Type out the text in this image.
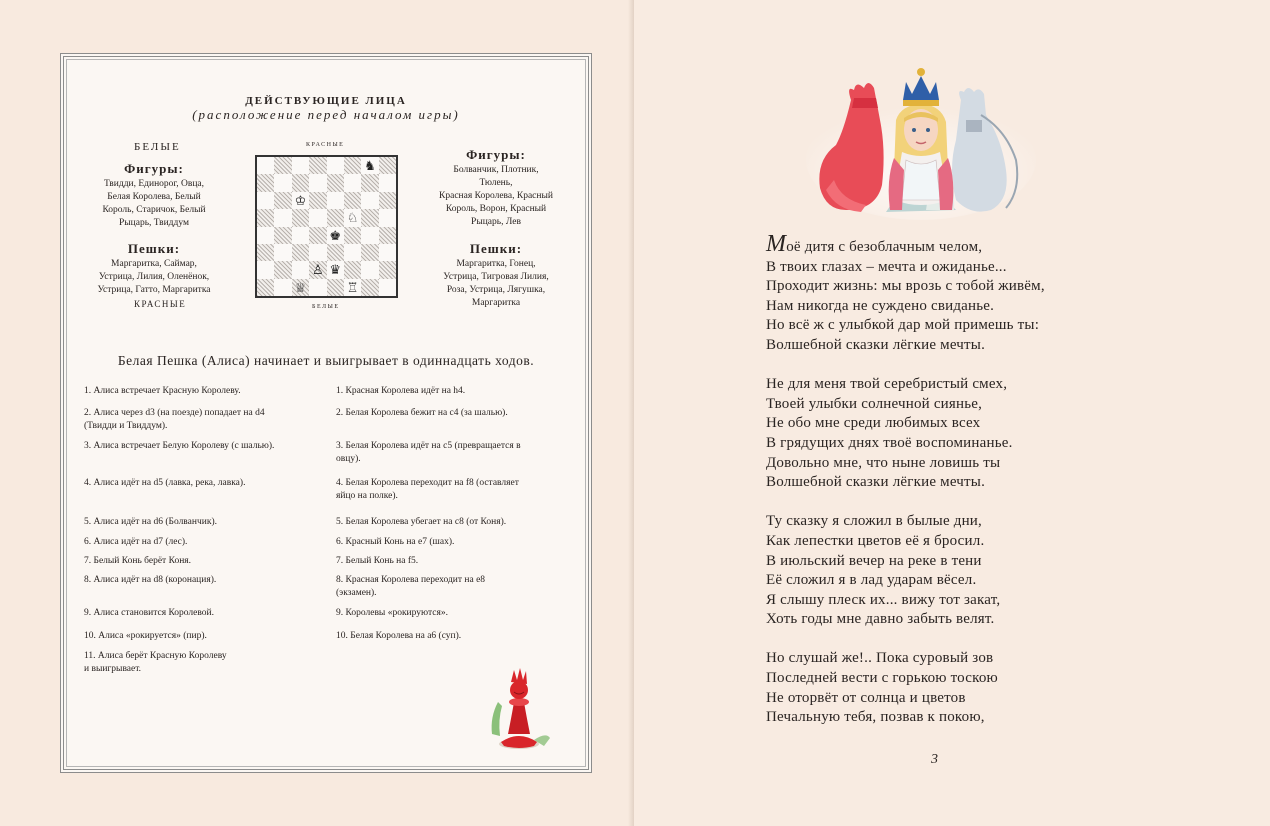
ДЕЙСТВУЮЩИЕ ЛИЦА
(расположение перед началом игры)
БЕЛЫЕ
Фигуры:
Твидди, Единорог, Овца,
Белая Королева, Белый
Король, Старичок, Белый
Рыцарь, Твиддум
Пешки:
Маргаритка, Саймар,
Устрица, Лилия, Оленёнок,
Устрица, Гатто, Маргаритка
КРАСНЫЕ
КРАСНЫЕ
♞
♔
♘
♚
♙ ♛
♕	♖
БЕЛЫЕ
Фигуры:
Болванчик, Плотник,
Тюлень,
Красная Королева, Красный
Король, Ворон, Красный
Рыцарь, Лев
Пешки:
Маргаритка, Гонец,
Устрица, Тигровая Лилия,
Роза, Устрица, Лягушка,
Маргаритка
Белая Пешка (Алиса) начинает и выигрывает в одиннадцать ходов.
1. Алиса встречает Красную Королеву.
2. Алиса через d3 (на поезде) попадает на d4
(Твидди и Твиддум).
3. Алиса встречает Белую Королеву (с шалью).
4. Алиса идёт на d5 (лавка, река, лавка).
5. Алиса идёт на d6 (Болванчик).
6. Алиса идёт на d7 (лес).
7. Белый Конь берёт Коня.
8. Алиса идёт на d8 (коронация).
9. Алиса становится Королевой.
10. Алиса «рокируется» (пир).
11. Алиса берёт Красную Королеву
и выигрывает.
1. Красная Королева идёт на h4.
2. Белая Королева бежит на c4 (за шалью).
3. Белая Королева идёт на c5 (превращается в
овцу).
4. Белая Королева переходит на f8 (оставляет
яйцо на полке).
5. Белая Королева убегает на c8 (от Коня).
6. Красный Конь на e7 (шах).
7. Белый Конь на f5.
8. Красная Королева переходит на e8
(экзамен).
9. Королевы «рокируются».
10. Белая Королева на a6 (суп).
Моё дитя с безоблачным челом,
В твоих глазах – мечта и ожиданье...
Проходит жизнь: мы врозь с тобой живём,
Нам никогда не суждено свиданье.
Но всё ж с улыбкой дар мой примешь ты:
Волшебной сказки лёгкие мечты.
Не для меня твой серебристый смех,
Твоей улыбки солнечной сиянье,
Не обо мне среди любимых всех
В грядущих днях твоё воспоминанье.
Довольно мне, что ныне ловишь ты
Волшебной сказки лёгкие мечты.
Ту сказку я сложил в былые дни,
Как лепестки цветов её я бросил.
В июльский вечер на реке в тени
Её сложил я в лад ударам вёсел.
Я слышу плеск их... вижу тот закат,
Хоть годы мне давно забыть велят.
Но слушай же!.. Пока суровый зов
Последней вести с горькою тоскою
Не оторвёт от солнца и цветов
Печальную тебя, позвав к покою,
3
